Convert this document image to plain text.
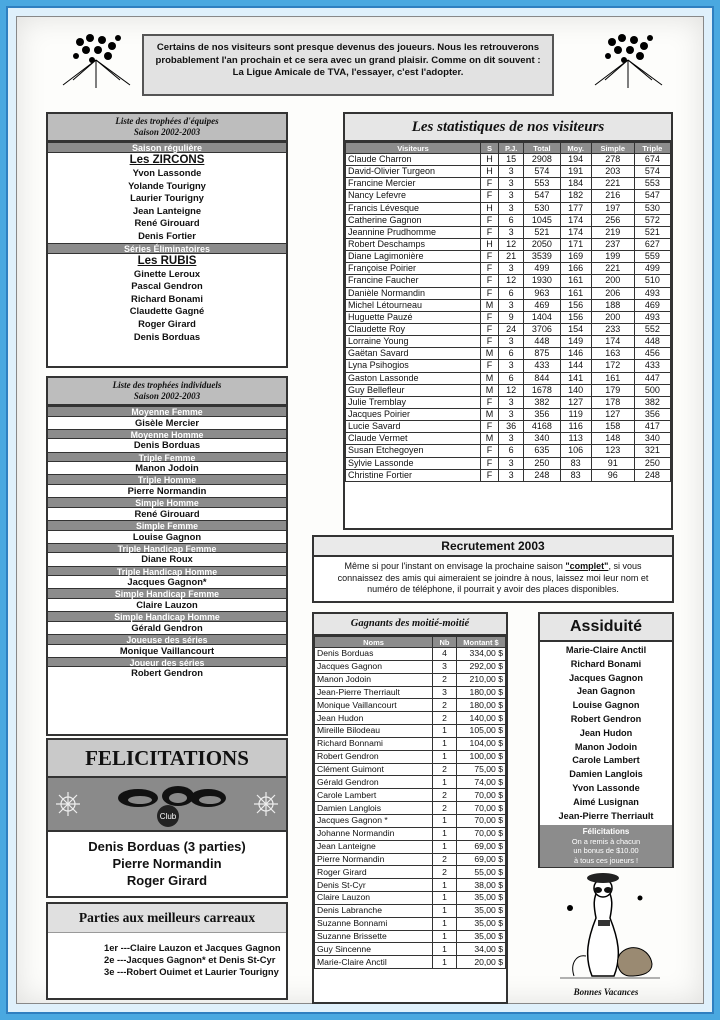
Certains de nos visiteurs sont presque devenus des joueurs. Nous les retrouverons
probablement l'an prochain et ce sera avec un grand plaisir. Comme on dit souvent :
La Ligue Amicale de TVA, l'essayer, c'est l'adopter.
Liste des trophées d'équipes
Saison 2002-2003
Saison régulière
Les ZIRCONS
Yvon Lassonde
Yolande Tourigny
Laurier Tourigny
Jean Lanteigne
René Girouard
Denis Fortier
Séries Éliminatoires
Les RUBIS
Ginette Leroux
Pascal Gendron
Richard Bonami
Claudette Gagné
Roger Girard
Denis Borduas
Liste des trophées individuels
Saison 2002-2003
Moyenne Femme
Gisèle Mercier
Moyenne Homme
Denis Borduas
Triple Femme
Manon Jodoin
Triple Homme
Pierre Normandin
Simple Homme
René Girouard
Simple Femme
Louise Gagnon
Triple Handicap Femme
Diane Roux
Triple Handicap Homme
Jacques Gagnon*
Simple Handicap Femme
Claire Lauzon
Simple Handicap Homme
Gérald Gendron
Joueuse des séries
Monique Vaillancourt
Joueur des séries
Robert Gendron
FELICITATIONS
Club
Denis Borduas (3 parties)
Pierre Normandin
Roger Girard
Parties aux meilleurs carreaux
1er ---Claire Lauzon et Jacques Gagnon
2e ---Jacques Gagnon* et Denis St-Cyr
3e ---Robert Ouimet et Laurier Tourigny
Les statistiques de nos visiteurs
Visiteurs	S	P.J.	Total	Moy.	Simple	Triple
Claude Charron	H	15	2908	194	278	674
David-Olivier Turgeon	H	3	574	191	203	574
Francine Mercier	F	3	553	184	221	553
Nancy Lefevre	F	3	547	182	216	547
Francis Lévesque	H	3	530	177	197	530
Catherine Gagnon	F	6	1045	174	256	572
Jeannine Prudhomme	F	3	521	174	219	521
Robert Deschamps	H	12	2050	171	237	627
Diane Lagimonière	F	21	3539	169	199	559
Françoise Poirier	F	3	499	166	221	499
Francine Faucher	F	12	1930	161	200	510
Danièle Normandin	F	6	963	161	206	493
Michel Létourneau	M	3	469	156	188	469
Huguette Pauzé	F	9	1404	156	200	493
Claudette Roy	F	24	3706	154	233	552
Lorraine Young	F	3	448	149	174	448
Gaëtan Savard	M	6	875	146	163	456
Lyna Psihogios	F	3	433	144	172	433
Gaston Lassonde	M	6	844	141	161	447
Guy Bellefleur	M	12	1678	140	179	500
Julie Tremblay	F	3	382	127	178	382
Jacques Poirier	M	3	356	119	127	356
Lucie Savard	F	36	4168	116	158	417
Claude Vermet	M	3	340	113	148	340
Susan Etchegoyen	F	6	635	106	123	321
Sylvie Lassonde	F	3	250	83	91	250
Christine Fortier	F	3	248	83	96	248
Recrutement 2003
Même si pour l'instant on envisage la prochaine saison "complet", si vous connaissez des amis qui aimeraient se joindre à nous, laissez moi leur nom et numéro de téléphone, il pourrait y avoir des places disponibles.
Gagnants des moitié-moitié
Noms	Nb	Montant $
Denis Borduas	4	334,00 $
Jacques Gagnon	3	292,00 $
Manon Jodoin	2	210,00 $
Jean-Pierre Therriault	3	180,00 $
Monique Vaillancourt	2	180,00 $
Jean Hudon	2	140,00 $
Mireille Bilodeau	1	105,00 $
Richard Bonnami	1	104,00 $
Robert Gendron	1	100,00 $
Clément Guimont	2	75,00 $
Gérald Gendron	1	74,00 $
Carole Lambert	2	70,00 $
Damien Langlois	2	70,00 $
Jacques Gagnon *	1	70,00 $
Johanne Normandin	1	70,00 $
Jean Lanteigne	1	69,00 $
Pierre Normandin	2	69,00 $
Roger Girard	2	55,00 $
Denis St-Cyr	1	38,00 $
Claire Lauzon	1	35,00 $
Denis Labranche	1	35,00 $
Suzanne Bonnami	1	35,00 $
Suzanne Brissette	1	35,00 $
Guy Sincenne	1	34,00 $
Marie-Claire Anctil	1	20,00 $
Assiduité
Marie-Claire Anctil
Richard Bonami
Jacques Gagnon
Jean Gagnon
Louise Gagnon
Robert Gendron
Jean Hudon
Manon Jodoin
Carole Lambert
Damien Langlois
Yvon Lassonde
Aimé Lusignan
Jean-Pierre Therriault
Félicitations
On a remis à chacun
un bonus de $10.00
à tous ces joueurs !
Bonnes Vacances
